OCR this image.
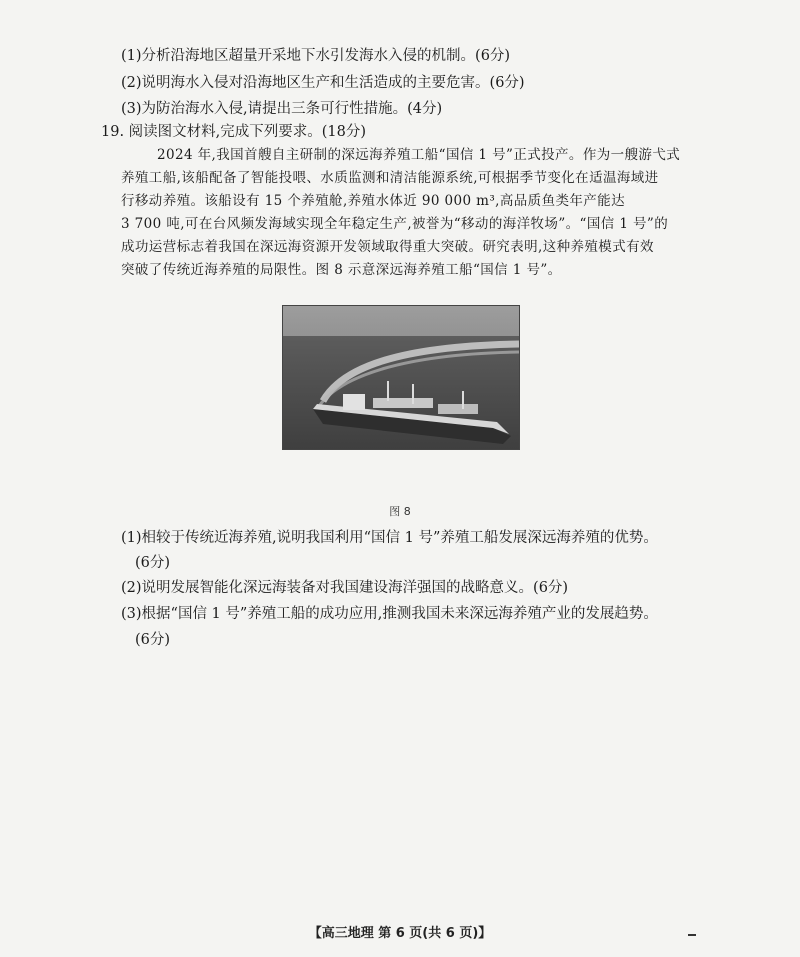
(1)分析沿海地区超量开采地下水引发海水入侵的机制。(6分)
(2)说明海水入侵对沿海地区生产和生活造成的主要危害。(6分)
(3)为防治海水入侵,请提出三条可行性措施。(4分)
19. 阅读图文材料,完成下列要求。(18分)
2024 年,我国首艘自主研制的深远海养殖工船“国信 1 号”正式投产。作为一艘游弋式
养殖工船,该船配备了智能投喂、水质监测和清洁能源系统,可根据季节变化在适温海域进
行移动养殖。该船设有 15 个养殖舱,养殖水体近 90 000 m³,高品质鱼类年产能达
3 700 吨,可在台风频发海域实现全年稳定生产,被誉为“移动的海洋牧场”。“国信 1 号”的
成功运营标志着我国在深远海资源开发领域取得重大突破。研究表明,这种养殖模式有效
突破了传统近海养殖的局限性。图 8 示意深远海养殖工船“国信 1 号”。
图 8
(1)相较于传统近海养殖,说明我国利用“国信 1 号”养殖工船发展深远海养殖的优势。
(6分)
(2)说明发展智能化深远海装备对我国建设海洋强国的战略意义。(6分)
(3)根据“国信 1 号”养殖工船的成功应用,推测我国未来深远海养殖产业的发展趋势。
(6分)
【高三地理 第 6 页(共 6 页)】
